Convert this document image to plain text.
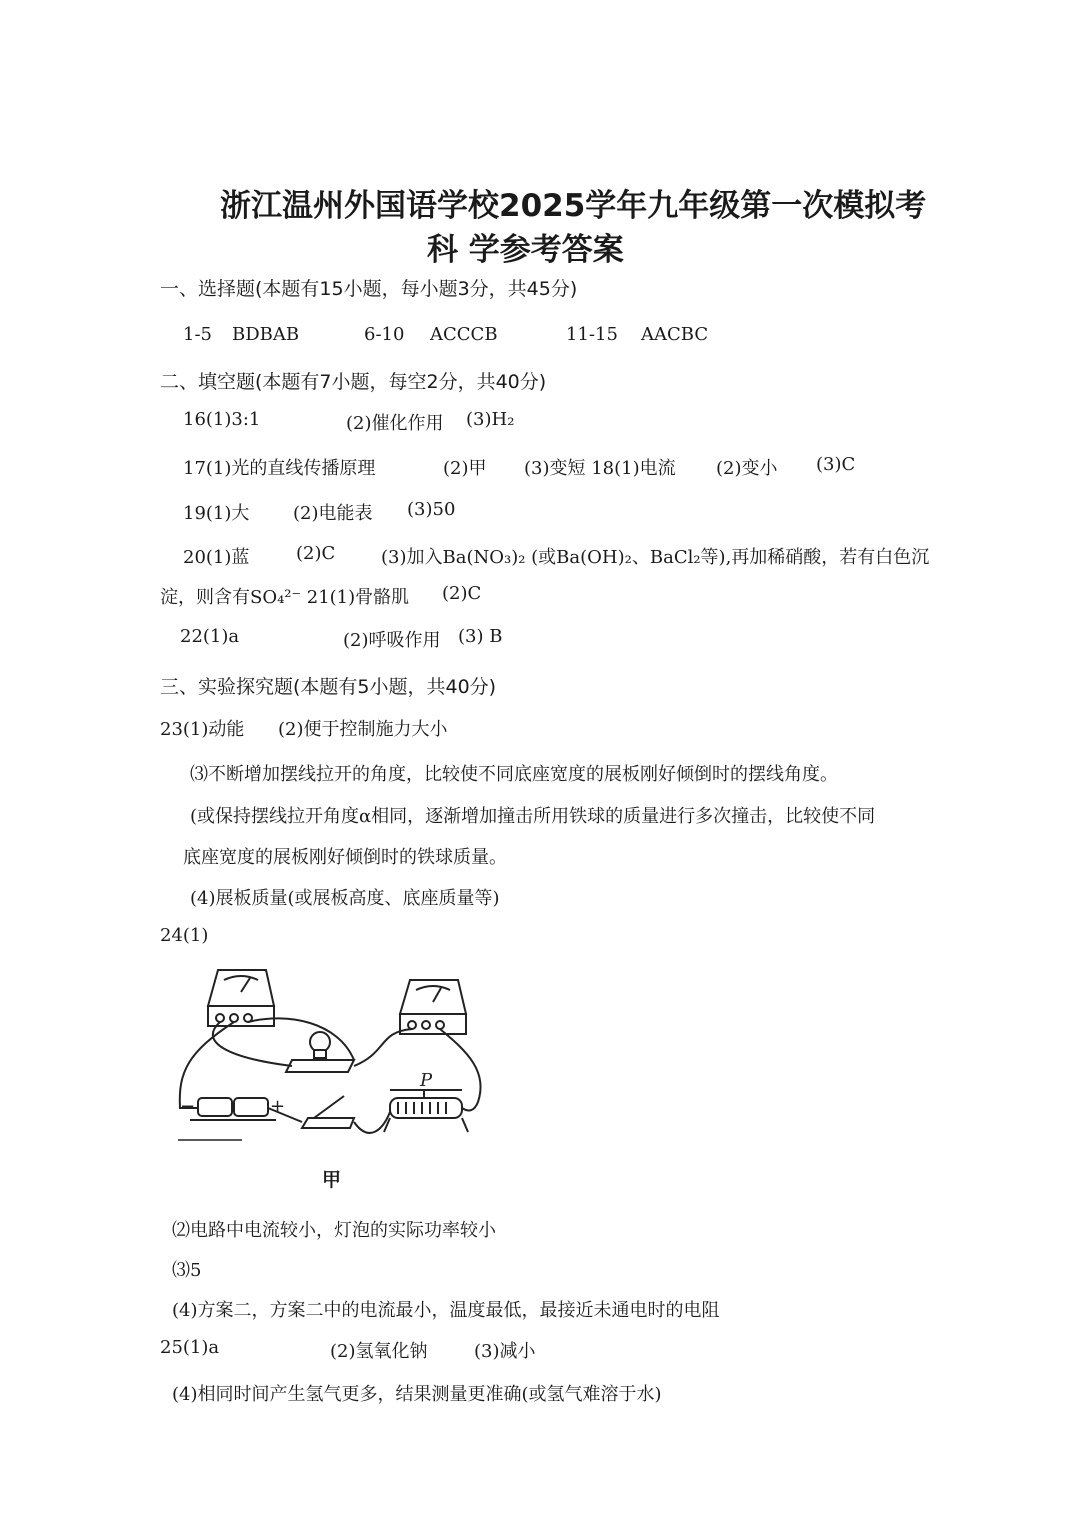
浙江温州外国语学校2025学年九年级第一次模拟考
科 学参考答案
一、选择题(本题有15小题，每小题3分，共45分)
1-5 BDBAB	6-10 ACCCB	11-15 AACBC
二、填空题(本题有7小题，每空2分，共40分)
16(1)3:1	(2)催化作用 (3)H₂
17(1)光的直线传播原理	(2)甲 (3)变短 18(1)电流 (2)变小 (3)C
19(1)大 (2)电能表 (3)50
20(1)蓝	(2)C	(3)加入Ba(NO₃)₂ (或Ba(OH)₂、BaCl₂等),再加稀硝酸，若有白色沉
淀，则含有SO₄²⁻ 21(1)骨骼肌 (2)C
22(1)a	(2)呼吸作用 (3) B
三、实验探究题(本题有5小题，共40分)
23(1)动能 (2)便于控制施力大小
⑶不断增加摆线拉开的角度，比较使不同底座宽度的展板刚好倾倒时的摆线角度。
(或保持摆线拉开角度α相同，逐渐增加撞击所用铁球的质量进行多次撞击，比较使不同
底座宽度的展板刚好倾倒时的铁球质量。
(4)展板质量(或展板高度、底座质量等)
24(1)
P
−	+
甲
⑵电路中电流较小，灯泡的实际功率较小
⑶5
(4)方案二，方案二中的电流最小，温度最低，最接近未通电时的电阻
25(1)a	(2)氢氧化钠	(3)减小
(4)相同时间产生氢气更多，结果测量更准确(或氢气难溶于水)
